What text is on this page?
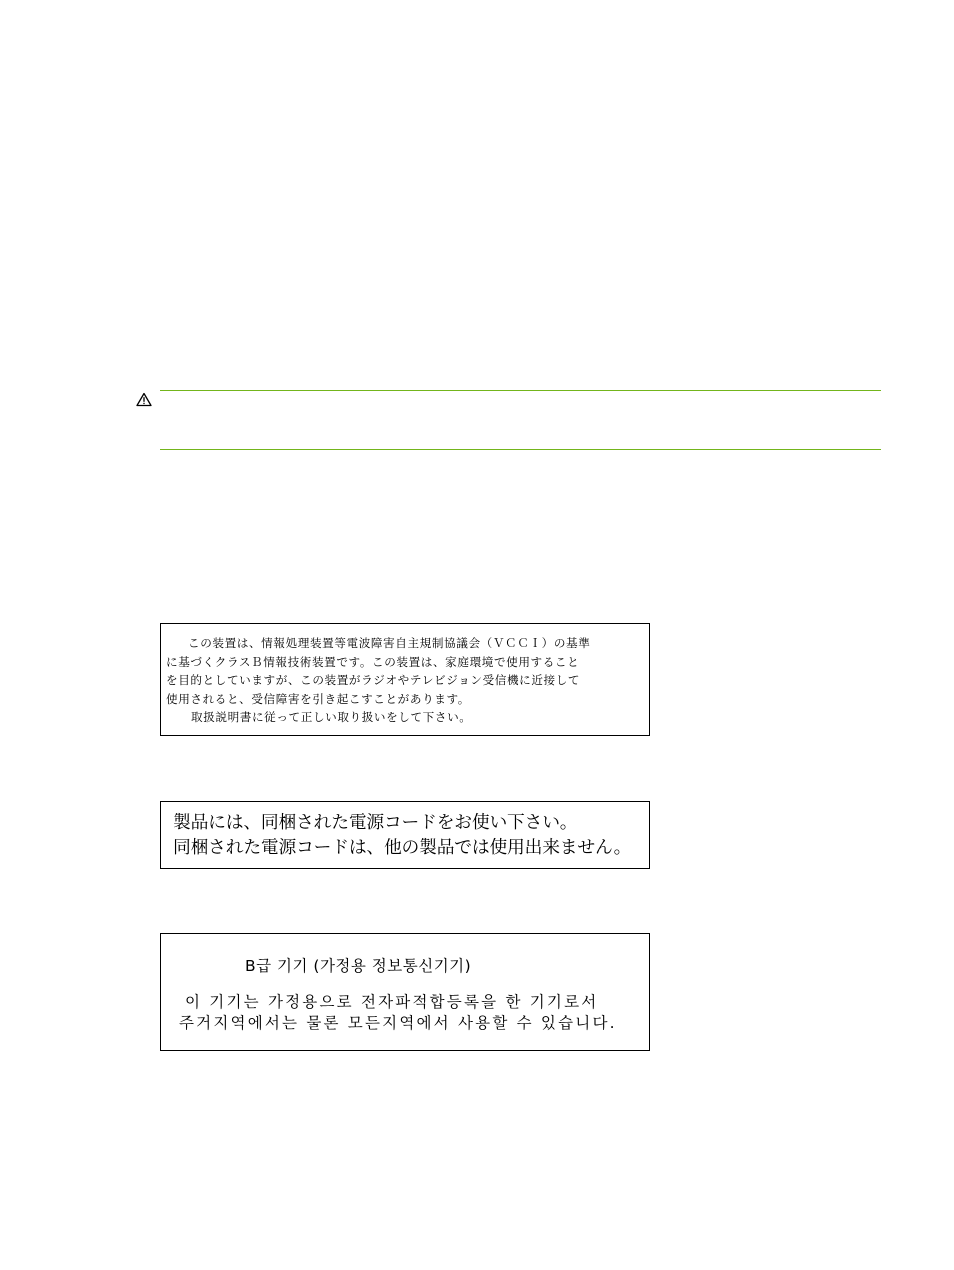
この装置は、情報処理装置等電波障害自主規制協議会（ＶＣＣＩ）の基準
に基づくクラスＢ情報技術装置です。この装置は、家庭環境で使用すること
を目的としていますが、この装置がラジオやテレビジョン受信機に近接して
使用されると、受信障害を引き起こすことがあります。
取扱説明書に従って正しい取り扱いをして下さい。
製品には、同梱された電源コードをお使い下さい。
同梱された電源コードは、他の製品では使用出来ません。
B급 기기 (가정용 정보통신기기)
이 기기는 가정용으로 전자파적합등록을 한 기기로서
주거지역에서는 물론 모든지역에서 사용할 수 있습니다.
